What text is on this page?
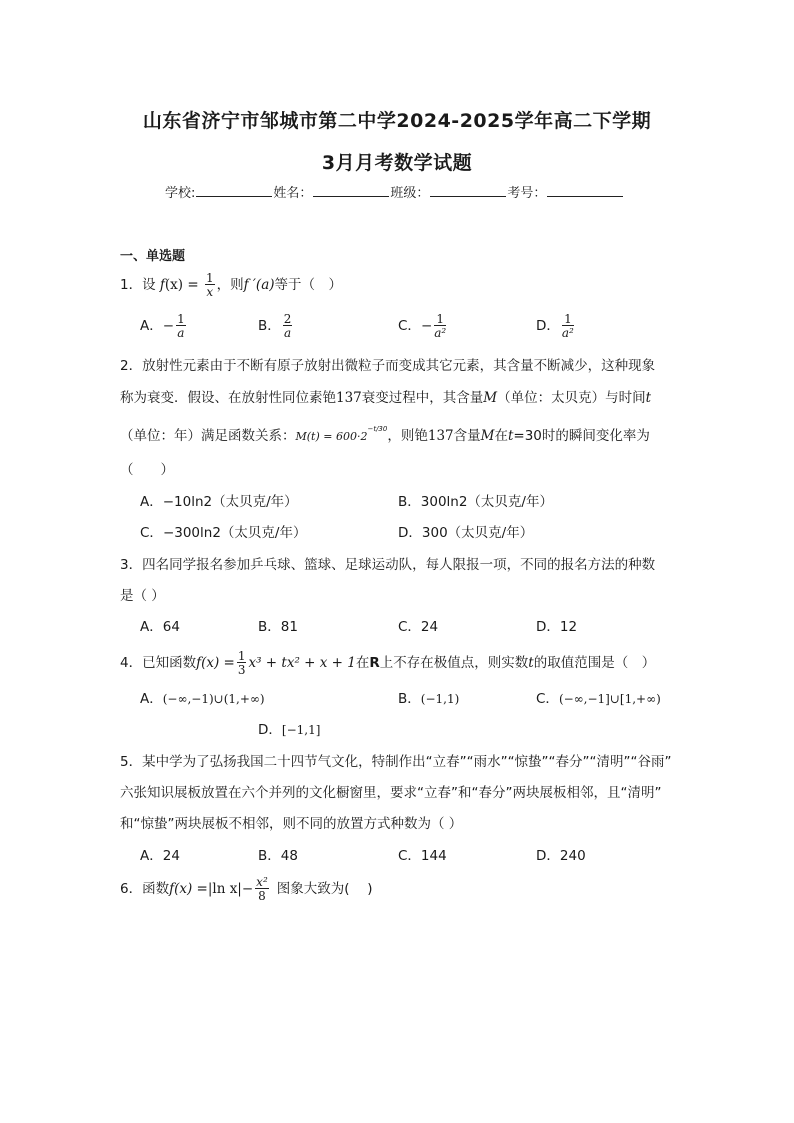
山东省济宁市邹城市第二中学2024-2025学年高二下学期
3月月考数学试题
学校:	姓名：	班级：	考号：
一、单选题
1．设 $f(x) = \frac{1}{x}$ ，则f ′(a)等于（　）
A．− $\frac{1}{a}$	B． $\frac{2}{a}$	C．− $\frac{1}{\text{a²}}$	D． $\frac{1}{\text{a²}}$
2．放射性元素由于不断有原子放射出微粒子而变成其它元素，其含量不断减少，这种现象
称为衰变．假设、在放射性同位素铯137衰变过程中，其含量M（单位：太贝克）与时间t
（单位：年）满足函数关系：$M(t) = 600\cdot 2^{-t/30}$，则铯137含量M在t=30时的瞬间变化率为
（　　）
A．−10ln2（太贝克/年）	B．300ln2（太贝克/年）
C．−300ln2（太贝克/年）	D．300（太贝克/年）
3．四名同学报名参加乒乓球、篮球、足球运动队，每人限报一项，不同的报名方法的种数
是（ ）
A．64	B．81	C．24	D．12
4．已知函数$f(x) = \frac{1}{3} x^3 + tx^2 + x + 1$在R上不存在极值点，则实数t的取值范围是（　）
A．(−∞,−1)∪(1,+∞)	B．(−1,1)	C．(−∞,−1]∪[1,+∞)
D．[−1,1]
5．某中学为了弘扬我国二十四节气文化，特制作出“立春”“雨水”“惊蛰”“春分”“清明”“谷雨”
六张知识展板放置在六个并列的文化橱窗里，要求“立春”和“春分”两块展板相邻，且“清明”
和“惊蛰”两块展板不相邻，则不同的放置方式种数为（ ）
A．24	B．48	C．144	D．240
6．函数f(x) =|ln $x|- \frac{\text{x²}}{8}$ 图象大致为(　 )
